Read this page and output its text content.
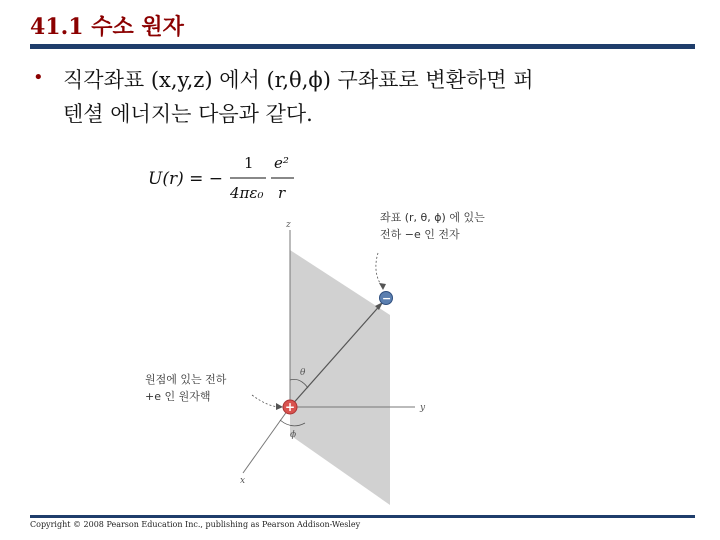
41.1 수소 원자
• 직각좌표 (x,y,z) 에서 (r,θ,ϕ) 구좌표로 변환하면 퍼
텐셜 에너지는 다음과 같다.
U(r) = −
1
4πε₀
e²
r
z
y
x
θ
ϕ
−
좌표 (r, θ, ϕ) 에 있는
전하 −e 인 전자
+
원점에 있는 전하
+e 인 원자핵
Copyright © 2008 Pearson Education Inc., publishing as Pearson Addison-Wesley
